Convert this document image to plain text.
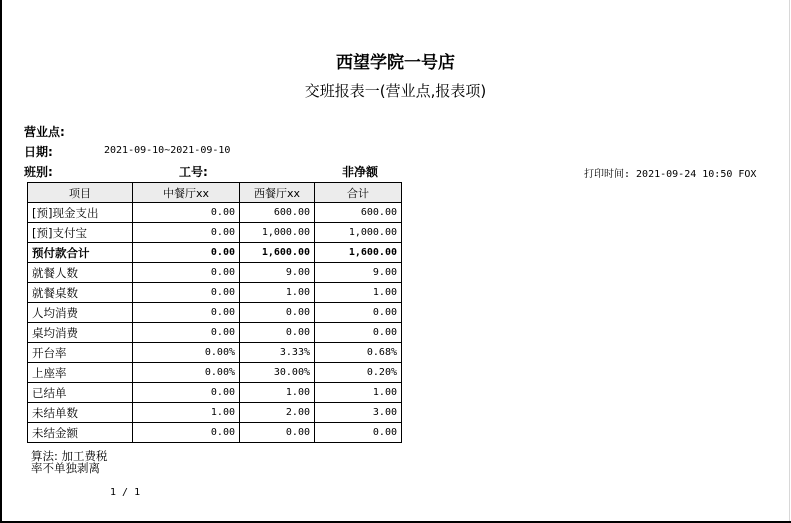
西望学院一号店
交班报表一(营业点,报表项)
营业点:
日期:	2021-09-10~2021-09-10
班别:	工号:	非净额	打印时间: 2021-09-24 10:50 FOX
项目	中餐厅xx	西餐厅xx	合计
[预]现金支出	0.00	600.00	600.00
[预]支付宝	0.00	1,000.00	1,000.00
预付款合计	0.00	1,600.00	1,600.00
就餐人数	0.00	9.00	9.00
就餐桌数	0.00	1.00	1.00
人均消费	0.00	0.00	0.00
桌均消费	0.00	0.00	0.00
开台率	0.00%	3.33%	0.68%
上座率	0.00%	30.00%	0.20%
已结单	0.00	1.00	1.00
未结单数	1.00	2.00	3.00
未结金额	0.00	0.00	0.00
算法: 加工费税
率不单独剥离
1 / 1
